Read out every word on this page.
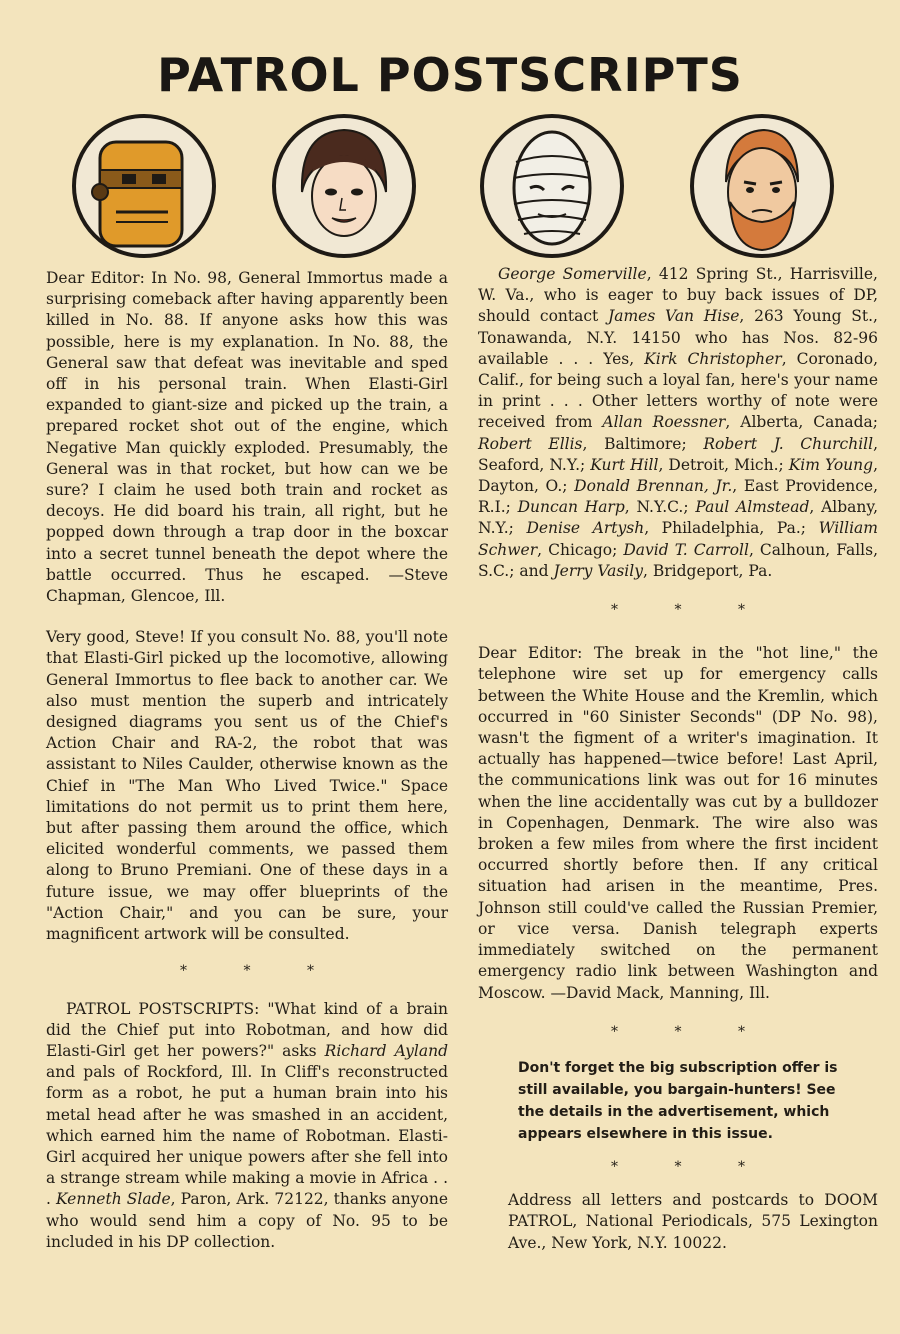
PATROL POSTSCRIPTS

Dear Editor: In No. 98, General Immortus made a surprising comeback after having apparently been killed in No. 88. If anyone asks how this was possible, here is my explanation. In No. 88, the General saw that defeat was inevitable and sped off in his personal train. When Elasti-Girl expanded to giant-size and picked up the train, a prepared rocket shot out of the engine, which Negative Man quickly exploded. Presumably, the General was in that rocket, but how can we be sure? I claim he used both train and rocket as decoys. He did board his train, all right, but he popped down through a trap door in the boxcar into a secret tunnel beneath the depot where the battle occurred. Thus he escaped. —Steve Chapman, Glencoe, Ill.

Very good, Steve! If you consult No. 88, you'll note that Elasti-Girl picked up the locomotive, allowing General Immortus to flee back to another car. We also must mention the superb and intricately designed diagrams you sent us of the Chief's Action Chair and RA-2, the robot that was assistant to Niles Caulder, otherwise known as the Chief in "The Man Who Lived Twice." Space limitations do not permit us to print them here, but after passing them around the office, which elicited wonderful comments, we passed them along to Bruno Premiani. One of these days in a future issue, we may offer blueprints of the "Action Chair," and you can be sure, your magnificent artwork will be consulted.

* * *

PATROL POSTSCRIPTS: "What kind of a brain did the Chief put into Robotman, and how did Elasti-Girl get her powers?" asks Richard Ayland and pals of Rockford, Ill. In Cliff's reconstructed form as a robot, he put a human brain into his metal head after he was smashed in an accident, which earned him the name of Robotman. Elasti-Girl acquired her unique powers after she fell into a strange stream while making a movie in Africa . . . Kenneth Slade, Paron, Ark. 72122, thanks anyone who would send him a copy of No. 95 to be included in his DP collection.

George Somerville, 412 Spring St., Harrisville, W. Va., who is eager to buy back issues of DP, should contact James Van Hise, 263 Young St., Tonawanda, N.Y. 14150 who has Nos. 82-96 available . . . Yes, Kirk Christopher, Coronado, Calif., for being such a loyal fan, here's your name in print . . . Other letters worthy of note were received from Allan Roessner, Alberta, Canada; Robert Ellis, Baltimore; Robert J. Churchill, Seaford, N.Y.; Kurt Hill, Detroit, Mich.; Kim Young, Dayton, O.; Donald Brennan, Jr., East Providence, R.I.; Duncan Harp, N.Y.C.; Paul Almstead, Albany, N.Y.; Denise Artysh, Philadelphia, Pa.; William Schwer, Chicago; David T. Carroll, Calhoun, Falls, S.C.; and Jerry Vasily, Bridgeport, Pa.

* * *

Dear Editor: The break in the "hot line," the telephone wire set up for emergency calls between the White House and the Kremlin, which occurred in "60 Sinister Seconds" (DP No. 98), wasn't the figment of a writer's imagination. It actually has happened—twice before! Last April, the communications link was out for 16 minutes when the line accidentally was cut by a bulldozer in Copenhagen, Denmark. The wire also was broken a few miles from where the first incident occurred shortly before then. If any critical situation had arisen in the meantime, Pres. Johnson still could've called the Russian Premier, or vice versa. Danish telegraph experts immediately switched on the permanent emergency radio link between Washington and Moscow. —David Mack, Manning, Ill.

* * *

Don't forget the big subscription offer is still available, you bargain-hunters! See the details in the advertisement, which appears elsewhere in this issue.

* * *

Address all letters and postcards to DOOM PATROL, National Periodicals, 575 Lexington Ave., New York, N.Y. 10022.
